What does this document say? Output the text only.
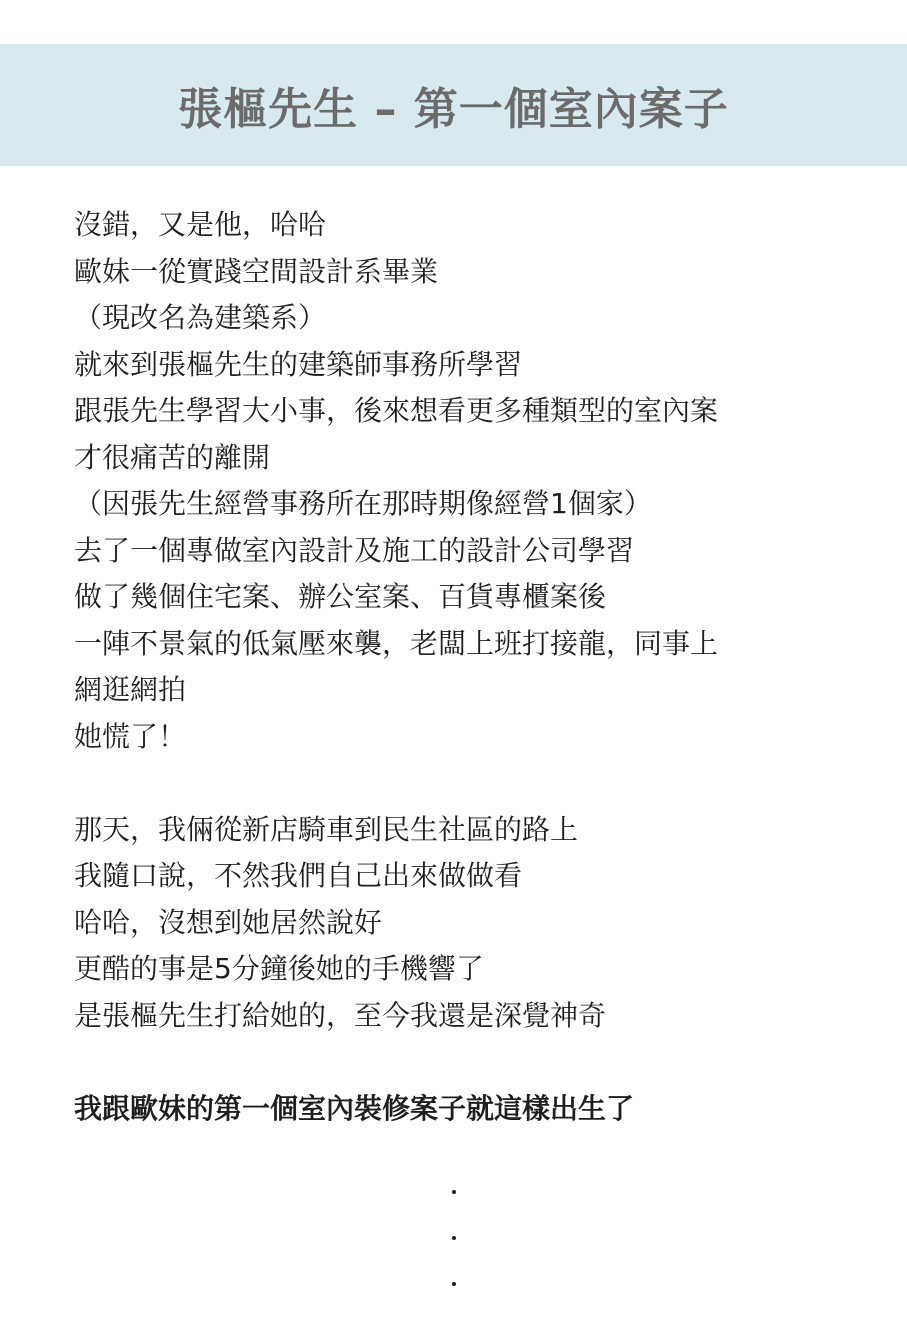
張樞先生 – 第一個室內案子
沒錯，又是他，哈哈
歐妹一從實踐空間設計系畢業
（現改名為建築系）
就來到張樞先生的建築師事務所學習
跟張先生學習大小事，後來想看更多種類型的室內案
才很痛苦的離開
（因張先生經營事務所在那時期像經營1個家）
去了一個專做室內設計及施工的設計公司學習
做了幾個住宅案、辦公室案、百貨專櫃案後
一陣不景氣的低氣壓來襲，老闆上班打接龍，同事上
網逛網拍
她慌了！
那天，我倆從新店騎車到民生社區的路上
我隨口說，不然我們自己出來做做看
哈哈，沒想到她居然說好
更酷的事是5分鐘後她的手機響了
是張樞先生打給她的，至今我還是深覺神奇
我跟歐妹的第一個室內裝修案子就這樣出生了
